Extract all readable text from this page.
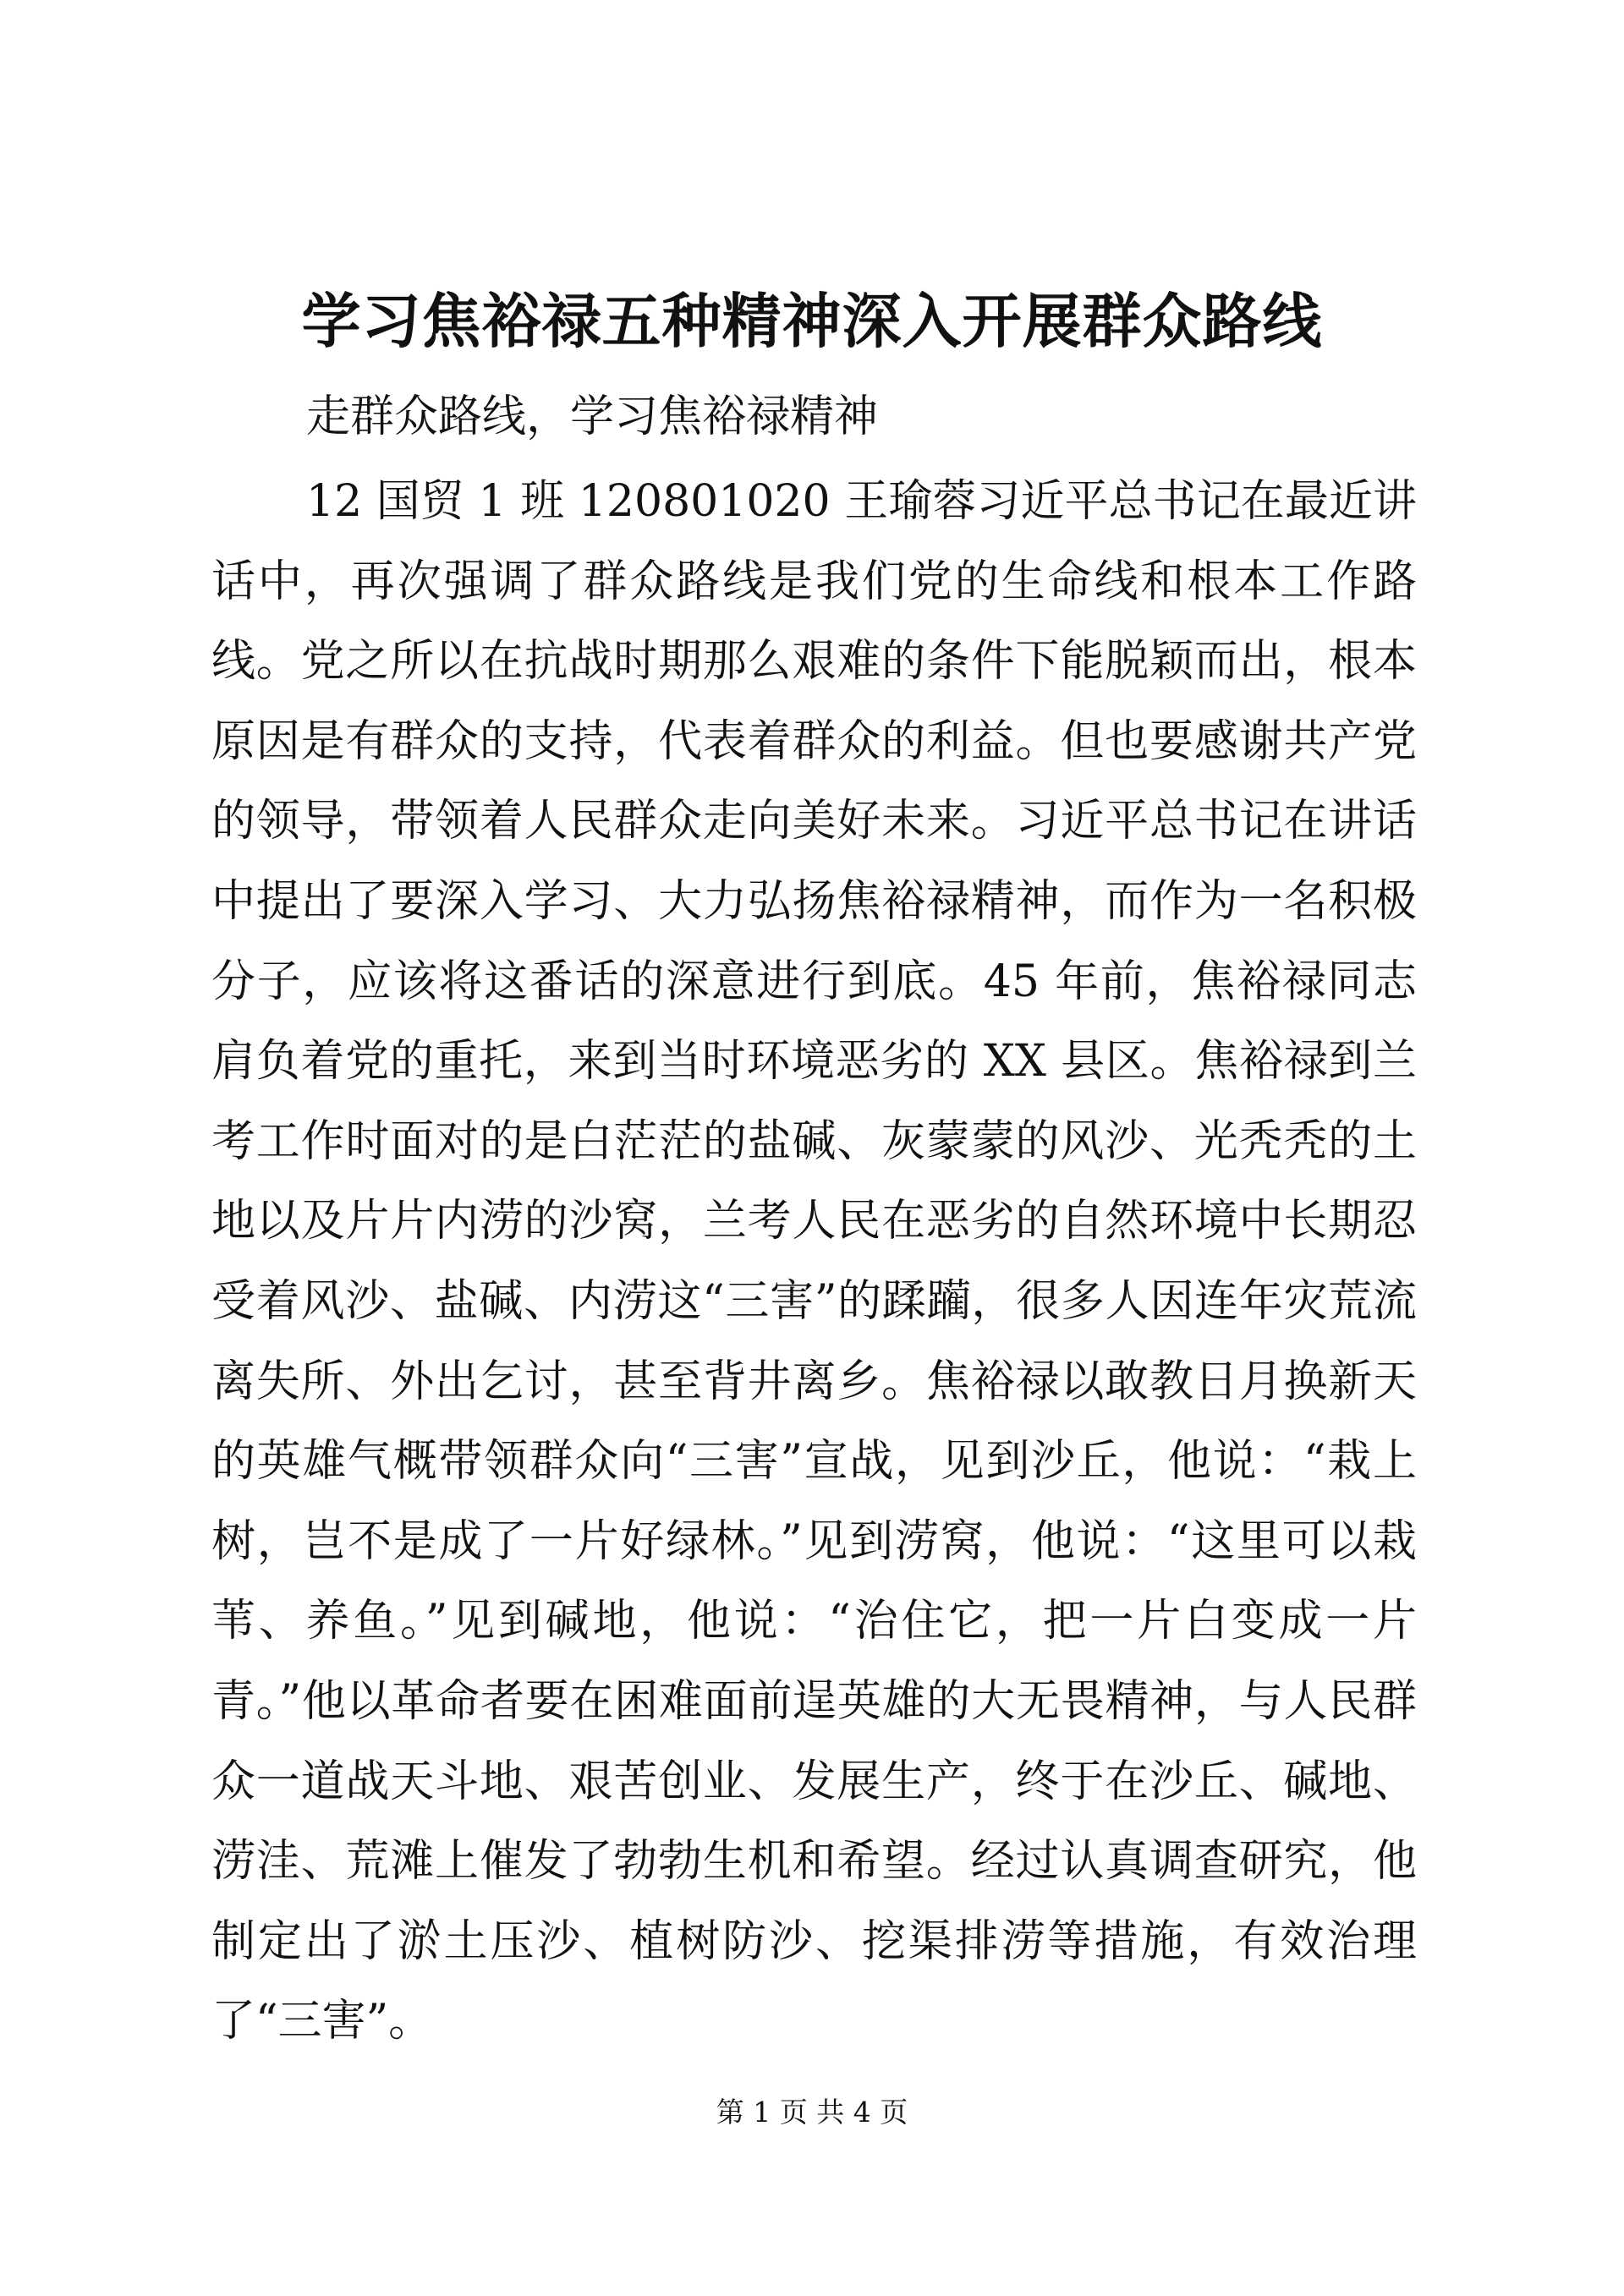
学习焦裕禄五种精神深入开展群众路线

走群众路线，学习焦裕禄精神

12 国贸 1 班 120801020 王瑜蓉习近平总书记在最近讲话中，再次强调了群众路线是我们党的生命线和根本工作路线。党之所以在抗战时期那么艰难的条件下能脱颖而出，根本原因是有群众的支持，代表着群众的利益。但也要感谢共产党的领导，带领着人民群众走向美好未来。习近平总书记在讲话中提出了要深入学习、大力弘扬焦裕禄精神，而作为一名积极分子，应该将这番话的深意进行到底。45 年前，焦裕禄同志肩负着党的重托，来到当时环境恶劣的 XX 县区。焦裕禄到兰考工作时面对的是白茫茫的盐碱、灰蒙蒙的风沙、光秃秃的土地以及片片内涝的沙窝，兰考人民在恶劣的自然环境中长期忍受着风沙、盐碱、内涝这“三害”的蹂躏，很多人因连年灾荒流离失所、外出乞讨，甚至背井离乡。焦裕禄以敢教日月换新天的英雄气概带领群众向“三害”宣战，见到沙丘，他说：“栽上树，岂不是成了一片好绿林。”见到涝窝，他说：“这里可以栽苇、养鱼。”见到碱地，他说：“治住它，把一片白变成一片青。”他以革命者要在困难面前逞英雄的大无畏精神，与人民群众一道战天斗地、艰苦创业、发展生产，终于在沙丘、碱地、涝洼、荒滩上催发了勃勃生机和希望。经过认真调查研究，他制定出了淤土压沙、植树防沙、挖渠排涝等措施，有效治理了“三害”。

第 1 页 共 4 页
